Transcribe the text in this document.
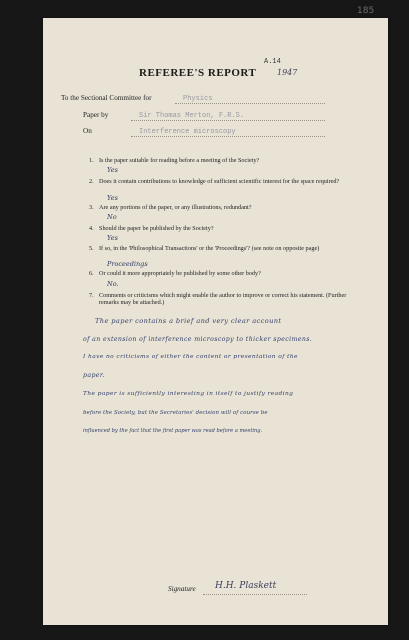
185
A.14
REFEREE'S REPORT	1947
To the Sectional Committee for	Physics
Paper by	Sir Thomas Merton, F.R.S.
On	Interference microscopy
1. Is the paper suitable for reading before a meeting of the Society?
Yes
2. Does it contain contributions to knowledge of sufficient scientific interest for the space required?
Yes
3. Are any portions of the paper, or any illustrations, redundant?
No
4. Should the paper be published by the Society?
Yes
5. If so, in the 'Philosophical Transactions' or the 'Proceedings'? (see note on opposite page)
Proceedings
6. Or could it more appropriately be published by some other body?
No.
7. Comments or criticisms which might enable the author to improve or correct his statement. (Further remarks may be attached.)
The paper contains a brief and very clear account
of an extension of interference microscopy to thicker specimens.
I have no criticisms of either the content or presentation of the
paper.
The paper is sufficiently interesting in itself to justify reading
before the Society, but the Secretaries' decision will of course be
influenced by the fact that the first paper was read before a meeting.
Signature H.H. Plaskett
